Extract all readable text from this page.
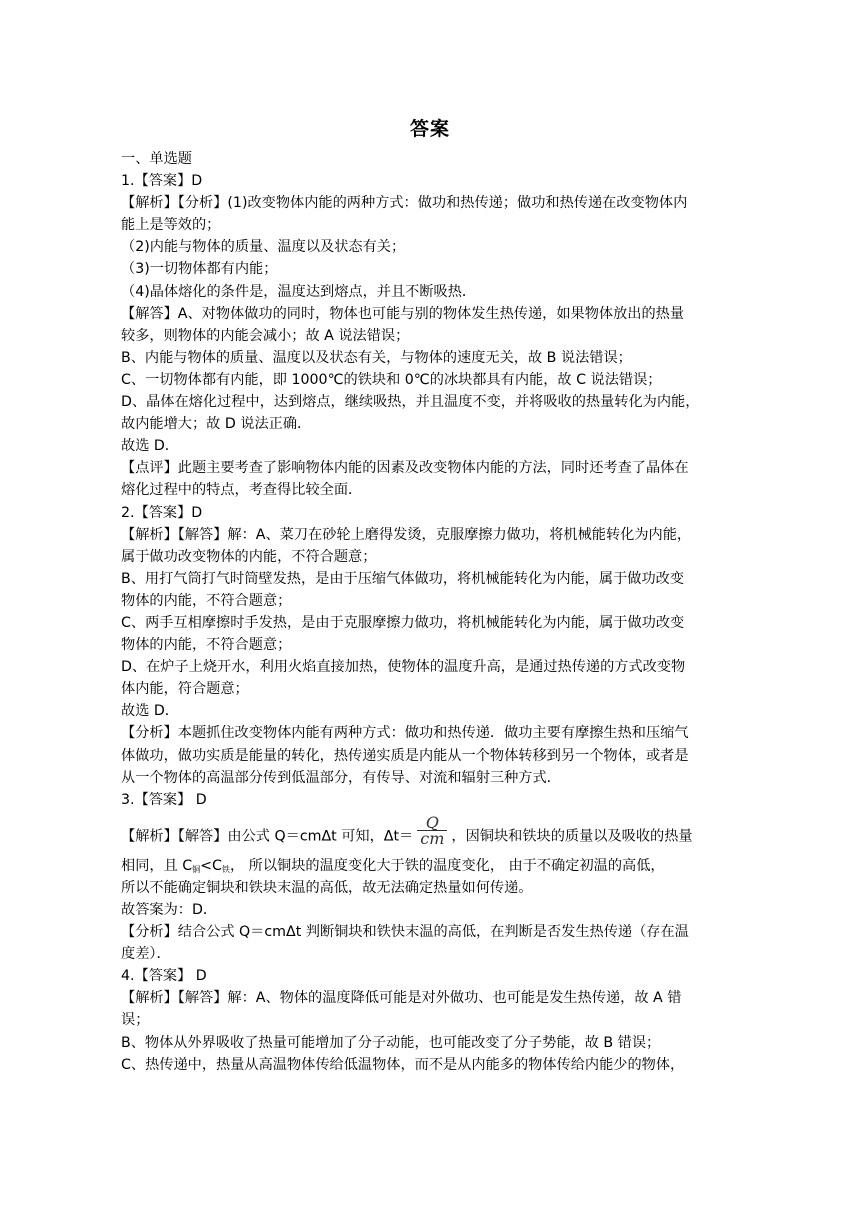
答案
一、单选题
1.【答案】D
【解析】【分析】(1)改变物体内能的两种方式：做功和热传递；做功和热传递在改变物体内
能上是等效的；
（2)内能与物体的质量、温度以及状态有关；
（3)一切物体都有内能；
（4)晶体熔化的条件是，温度达到熔点，并且不断吸热．
【解答】A、对物体做功的同时，物体也可能与别的物体发生热传递，如果物体放出的热量
较多，则物体的内能会减小；故 A 说法错误；
B、内能与物体的质量、温度以及状态有关，与物体的速度无关，故 B 说法错误；
C、一切物体都有内能，即 1000℃的铁块和 0℃的冰块都具有内能，故 C 说法错误；
D、晶体在熔化过程中，达到熔点，继续吸热，并且温度不变，并将吸收的热量转化为内能，
故内能增大；故 D 说法正确．
故选 D．
【点评】此题主要考查了影响物体内能的因素及改变物体内能的方法，同时还考查了晶体在
熔化过程中的特点，考查得比较全面．
2.【答案】D
【解析】【解答】解：A、菜刀在砂轮上磨得发烫，克服摩擦力做功，将机械能转化为内能，
属于做功改变物体的内能，不符合题意；
B、用打气筒打气时筒壁发热，是由于压缩气体做功，将机械能转化为内能，属于做功改变
物体的内能，不符合题意；
C、两手互相摩擦时手发热，是由于克服摩擦力做功，将机械能转化为内能，属于做功改变
物体的内能，不符合题意；
D、在炉子上烧开水，利用火焰直接加热，使物体的温度升高，是通过热传递的方式改变物
体内能，符合题意；
故选 D．
【分析】本题抓住改变物体内能有两种方式：做功和热传递．做功主要有摩擦生热和压缩气
体做功，做功实质是能量的转化，热传递实质是内能从一个物体转移到另一个物体，或者是
从一个物体的高温部分传到低温部分，有传导、对流和辐射三种方式．
3.【答案】 D
【解析】【解答】由公式 Q＝cmΔt 可知，$\Delta t= \frac{Q}{cm}$ ，因铜块和铁块的质量以及吸收的热量
相同，且 $C_铜<C_铁$， 所以铜块的温度变化大于铁的温度变化， 由于不确定初温的高低，
所以不能确定铜块和铁块末温的高低，故无法确定热量如何传递。
故答案为：D．
【分析】结合公式 Q＝cmΔt 判断铜块和铁快末温的高低，在判断是否发生热传递（存在温
度差）．
4.【答案】 D
【解析】【解答】解：A、物体的温度降低可能是对外做功、也可能是发生热传递，故 A 错
误；
B、物体从外界吸收了热量可能增加了分子动能，也可能改变了分子势能，故 B 错误；
C、热传递中，热量从高温物体传给低温物体，而不是从内能多的物体传给内能少的物体，
